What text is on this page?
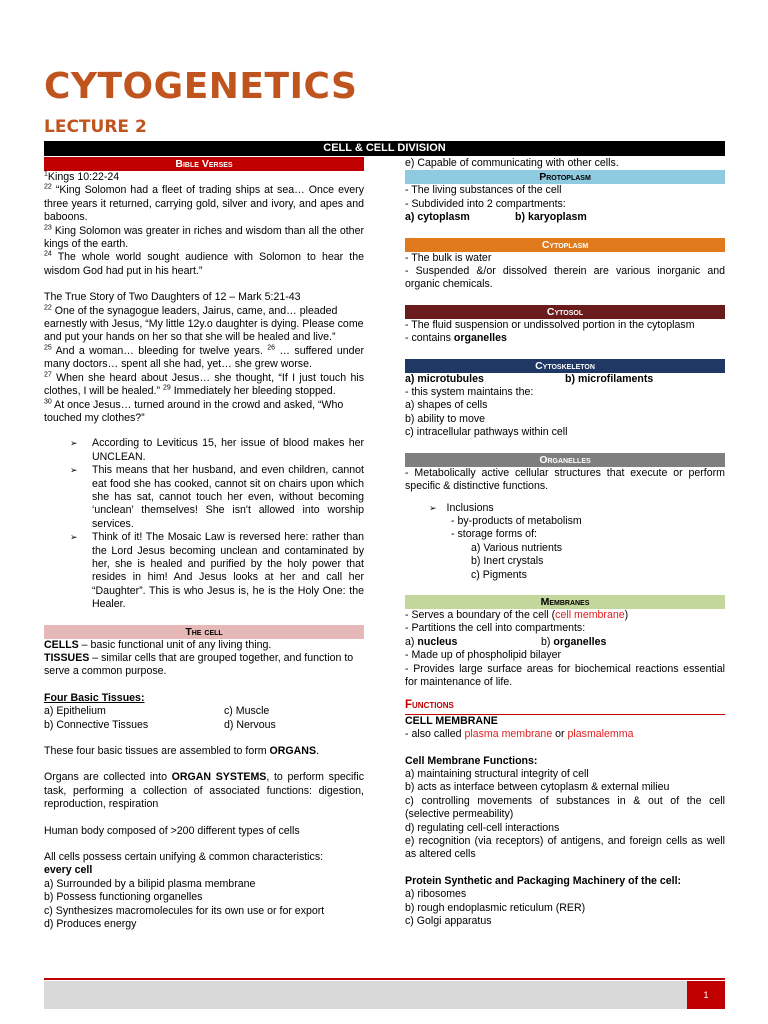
CYTOGENETICS
LECTURE 2
CELL & CELL DIVISION
Bible Verses
$^1$Kings 10:22-24
$^{22}$ “King Solomon had a fleet of trading ships at sea… Once every three years it returned, carrying gold, silver and ivory, and apes and baboons.
$^{23}$ King Solomon was greater in riches and wisdom than all the other kings of the earth.
$^{24}$ The whole world sought audience with Solomon to hear the wisdom God had put in his heart.”
The True Story of Two Daughters of 12 – Mark 5:21-43
$^{22}$ One of the synagogue leaders, Jairus, came, and… pleaded earnestly with Jesus, “My little 12y.o daughter is dying. Please come and put your hands on her so that she will be healed and live.”
$^{25}$ And a woman… bleeding for twelve years. $^{26}$ … suffered under many doctors… spent all she had, yet… she grew worse.
$^{27}$ When she heard about Jesus… she thought, “If I just touch his clothes, I will be healed.” $^{29}$ Immediately her bleeding stopped.
$^{30}$ At once Jesus… turned around in the crowd and asked, “Who touched my clothes?”
➢ According to Leviticus 15, her issue of blood makes her UNCLEAN.
➢ This means that her husband, and even children, cannot eat food she has cooked, cannot sit on chairs upon which she has sat, cannot touch her even, without becoming ‘unclean’ themselves! She isn't allowed into worship services.
➢ Think of it! The Mosaic Law is reversed here: rather than the Lord Jesus becoming unclean and contaminated by her, she is healed and purified by the holy power that resides in him! And Jesus looks at her and call her “Daughter”. This is who Jesus is, he is the Holy One: the Healer.
The cell
CELLS – basic functional unit of any living thing.
TISSUES – similar cells that are grouped together, and function to serve a common purpose.
Four Basic Tissues:
a) Epithelium	c) Muscle
b) Connective Tissues	d) Nervous
These four basic tissues are assembled to form ORGANS.
Organs are collected into ORGAN SYSTEMS, to perform specific task, performing a collection of associated functions: digestion, reproduction, respiration
Human body composed of >200 different types of cells
All cells possess certain unifying & common characteristics:
every cell
a) Surrounded by a bilipid plasma membrane
b) Possess functioning organelles
c) Synthesizes macromolecules for its own use or for export
d) Produces energy
e) Capable of communicating with other cells.
Protoplasm
- The living substances of the cell
- Subdivided into 2 compartments:
a) cytoplasm	b) karyoplasm
Cytoplasm
- The bulk is water
- Suspended &/or dissolved therein are various inorganic and organic chemicals.
Cytosol
- The fluid suspension or undissolved portion in the cytoplasm
- contains organelles
Cytoskeleton
a) microtubules	b) microfilaments
- this system maintains the:
a) shapes of cells
b) ability to move
c) intracellular pathways within cell
Organelles
- Metabolically active cellular structures that execute or perform specific & distinctive functions.
➢ Inclusions
- by-products of metabolism
- storage forms of:
a) Various nutrients
b) Inert crystals
c) Pigments
Membranes
- Serves a boundary of the cell (cell membrane)
- Partitions the cell into compartments:
a) nucleus	b) organelles
- Made up of phospholipid bilayer
- Provides large surface areas for biochemical reactions essential for maintenance of life.
Functions
CELL MEMBRANE
- also called plasma membrane or plasmalemma
Cell Membrane Functions:
a) maintaining structural integrity of cell
b) acts as interface between cytoplasm & external milieu
c) controlling movements of substances in & out of the cell (selective permeability)
d) regulating cell-cell interactions
e) recognition (via receptors) of antigens, and foreign cells as well as altered cells
Protein Synthetic and Packaging Machinery of the cell:
a) ribosomes
b) rough endoplasmic reticulum (RER)
c) Golgi apparatus
1
